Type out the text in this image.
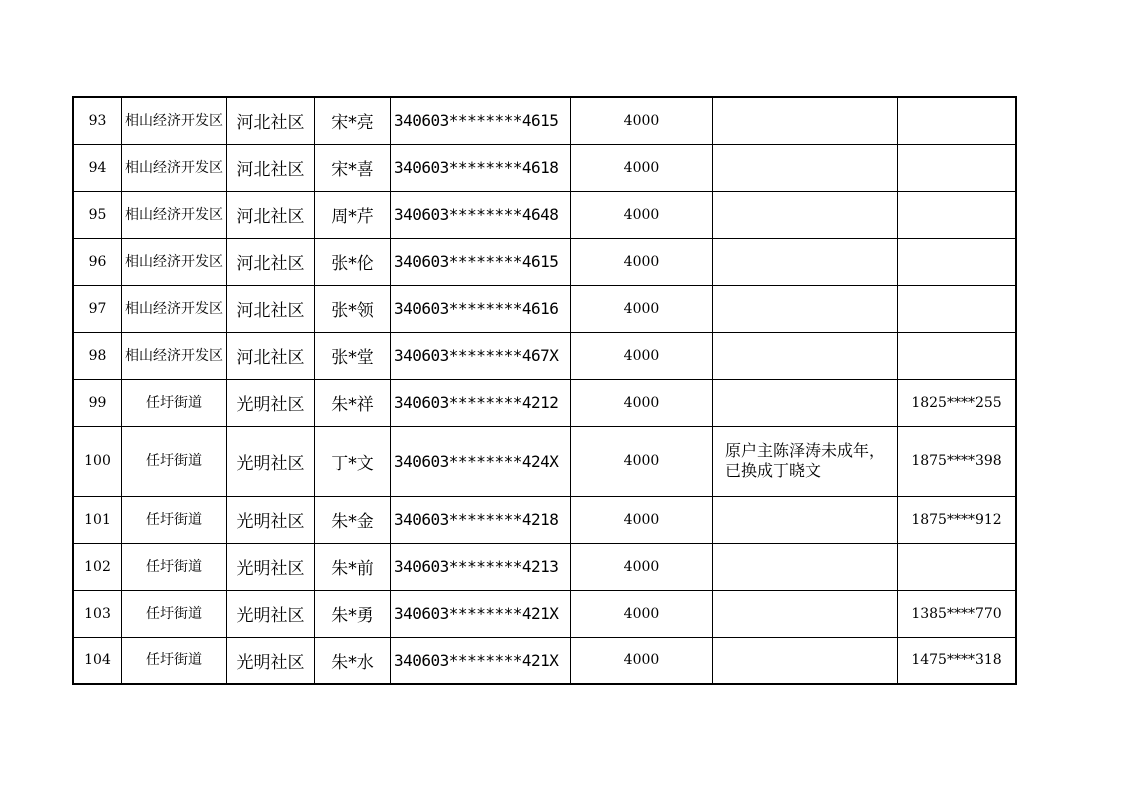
93	相山经济开发区	河北社区	宋*亮	340603********4615	4000		
94	相山经济开发区	河北社区	宋*喜	340603********4618	4000		
95	相山经济开发区	河北社区	周*芹	340603********4648	4000		
96	相山经济开发区	河北社区	张*伦	340603********4615	4000		
97	相山经济开发区	河北社区	张*领	340603********4616	4000		
98	相山经济开发区	河北社区	张*堂	340603********467X	4000		
99	任圩街道	光明社区	朱*祥	340603********4212	4000		1825****255
100	任圩街道	光明社区	丁*文	340603********424X	4000	原户主陈泽涛未成年，已换成丁晓文	1875****398
101	任圩街道	光明社区	朱*金	340603********4218	4000		1875****912
102	任圩街道	光明社区	朱*前	340603********4213	4000		
103	任圩街道	光明社区	朱*勇	340603********421X	4000		1385****770
104	任圩街道	光明社区	朱*水	340603********421X	4000		1475****318
